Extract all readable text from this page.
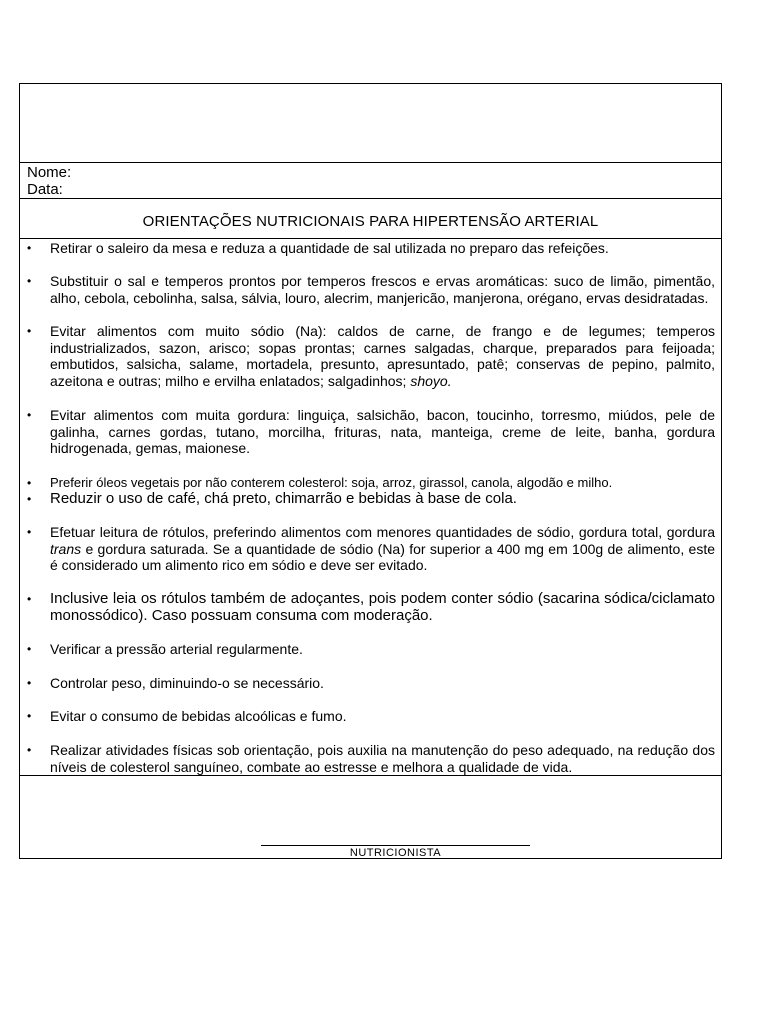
Nome:
Data:
ORIENTAÇÕES NUTRICIONAIS PARA HIPERTENSÃO ARTERIAL
• Retirar o saleiro da mesa e reduza a quantidade de sal utilizada no preparo das refeições.
• Substituir o sal e temperos prontos por temperos frescos e ervas aromáticas: suco de limão, pimentão, alho, cebola, cebolinha, salsa, sálvia, louro, alecrim, manjericão, manjerona, orégano, ervas desidratadas.
• Evitar alimentos com muito sódio (Na): caldos de carne, de frango e de legumes; temperos industrializados, sazon, arisco; sopas prontas; carnes salgadas, charque, preparados para feijoada; embutidos, salsicha, salame, mortadela, presunto, apresuntado, patê; conservas de pepino, palmito, azeitona e outras; milho e ervilha enlatados; salgadinhos; shoyo.
• Evitar alimentos com muita gordura: linguiça, salsichão, bacon, toucinho, torresmo, miúdos, pele de galinha, carnes gordas, tutano, morcilha, frituras, nata, manteiga, creme de leite, banha, gordura hidrogenada, gemas, maionese.
• Preferir óleos vegetais por não conterem colesterol: soja, arroz, girassol, canola, algodão e milho.
• Reduzir o uso de café, chá preto, chimarrão e bebidas à base de cola.
• Efetuar leitura de rótulos, preferindo alimentos com menores quantidades de sódio, gordura total, gordura trans e gordura saturada. Se a quantidade de sódio (Na) for superior a 400 mg em 100g de alimento, este é considerado um alimento rico em sódio e deve ser evitado.
• Inclusive leia os rótulos também de adoçantes, pois podem conter sódio (sacarina sódica/ciclamato monossódico). Caso possuam consuma com moderação.
• Verificar a pressão arterial regularmente.
• Controlar peso, diminuindo-o se necessário.
• Evitar o consumo de bebidas alcoólicas e fumo.
• Realizar atividades físicas sob orientação, pois auxilia na manutenção do peso adequado, na redução dos níveis de colesterol sanguíneo, combate ao estresse e melhora a qualidade de vida.
NUTRICIONISTA
